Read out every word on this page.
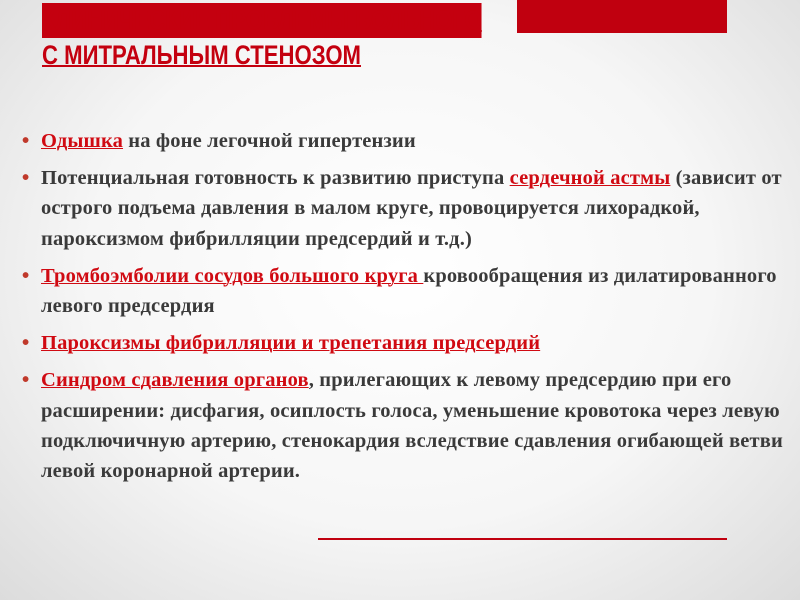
КЛИНИЧЕСКИЕ ПРОБЛЕМЫ БОЛЬНОГО
С МИТРАЛЬНЫМ СТЕНОЗОМ
• Одышка на фоне легочной гипертензии
• Потенциальная готовность к развитию приступа сердечной астмы (зависит от острого подъема давления в малом круге, провоцируется лихорадкой, пароксизмом фибрилляции предсердий и т.д.)
• Тромбоэмболии сосудов большого круга кровообращения из дилатированного левого предсердия
• Пароксизмы фибрилляции и трепетания предсердий
• Синдром сдавления органов, прилегающих к левому предсердию при его расширении: дисфагия, осиплость голоса, уменьшение кровотока через левую подключичную артерию, стенокардия вследствие сдавления огибающей ветви левой коронарной артерии.
